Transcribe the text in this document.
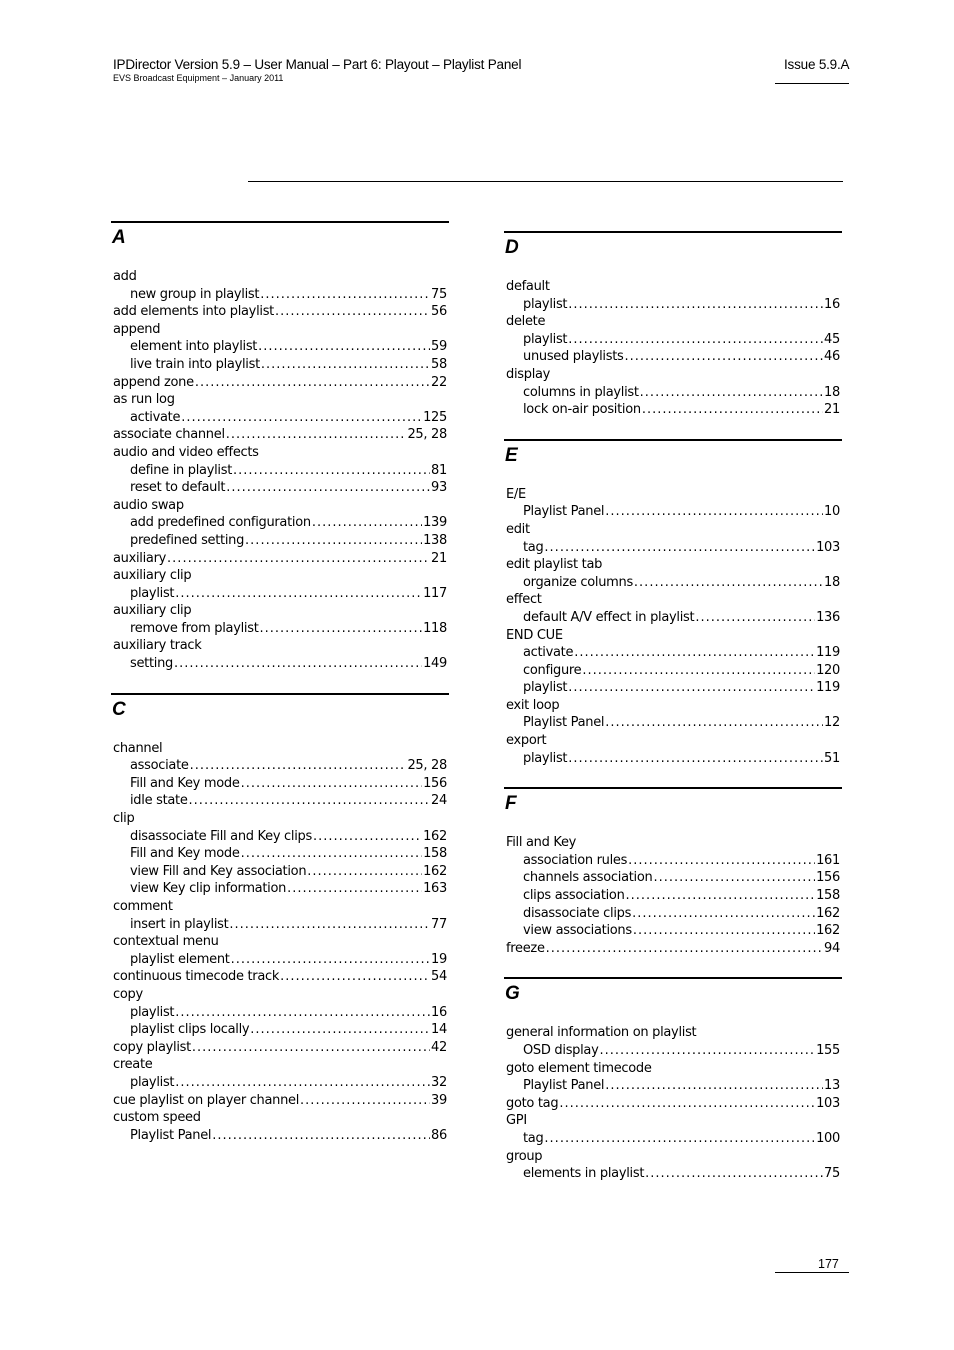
IPDirector Version 5.9 – User Manual – Part 6: Playout – Playlist Panel
EVS Broadcast Equipment – January 2011
Issue 5.9.A
A
add
new group in playlist .....	75
add elements into playlist .....	56
append
element into playlist .....	59
live train into playlist .....	58
append zone .....	22
as run log
activate .....	125
associate channel .....	25, 28
audio and video effects
define in playlist .....	81
reset to default .....	93
audio swap
add predefined configuration .....	139
predefined setting .....	138
auxiliary .....	21
auxiliary clip
playlist .....	117
auxiliary clip
remove from playlist .....	118
auxiliary track
setting .....	149
C
channel
associate .....	25, 28
Fill and Key mode .....	156
idle state .....	24
clip
disassociate Fill and Key clips .....	162
Fill and Key mode .....	158
view Fill and Key association .....	162
view Key clip information .....	163
comment
insert in playlist .....	77
contextual menu
playlist element .....	19
continuous timecode track .....	54
copy
playlist .....	16
playlist clips locally .....	14
copy playlist .....	42
create
playlist .....	32
cue playlist on player channel .....	39
custom speed
Playlist Panel .....	86
D
default
playlist .....	16
delete
playlist .....	45
unused playlists .....	46
display
columns in playlist .....	18
lock on-air position .....	21
E
E/E
Playlist Panel .....	10
edit
tag .....	103
edit playlist tab
organize columns .....	18
effect
default A/V effect in playlist .....	136
END CUE
activate .....	119
configure .....	120
playlist .....	119
exit loop
Playlist Panel .....	12
export
playlist .....	51
F
Fill and Key
association rules .....	161
channels association .....	156
clips association .....	158
disassociate clips .....	162
view associations .....	162
freeze .....	94
G
general information on playlist
OSD display .....	155
goto element timecode
Playlist Panel .....	13
goto tag .....	103
GPI
tag .....	100
group
elements in playlist .....	75
177
